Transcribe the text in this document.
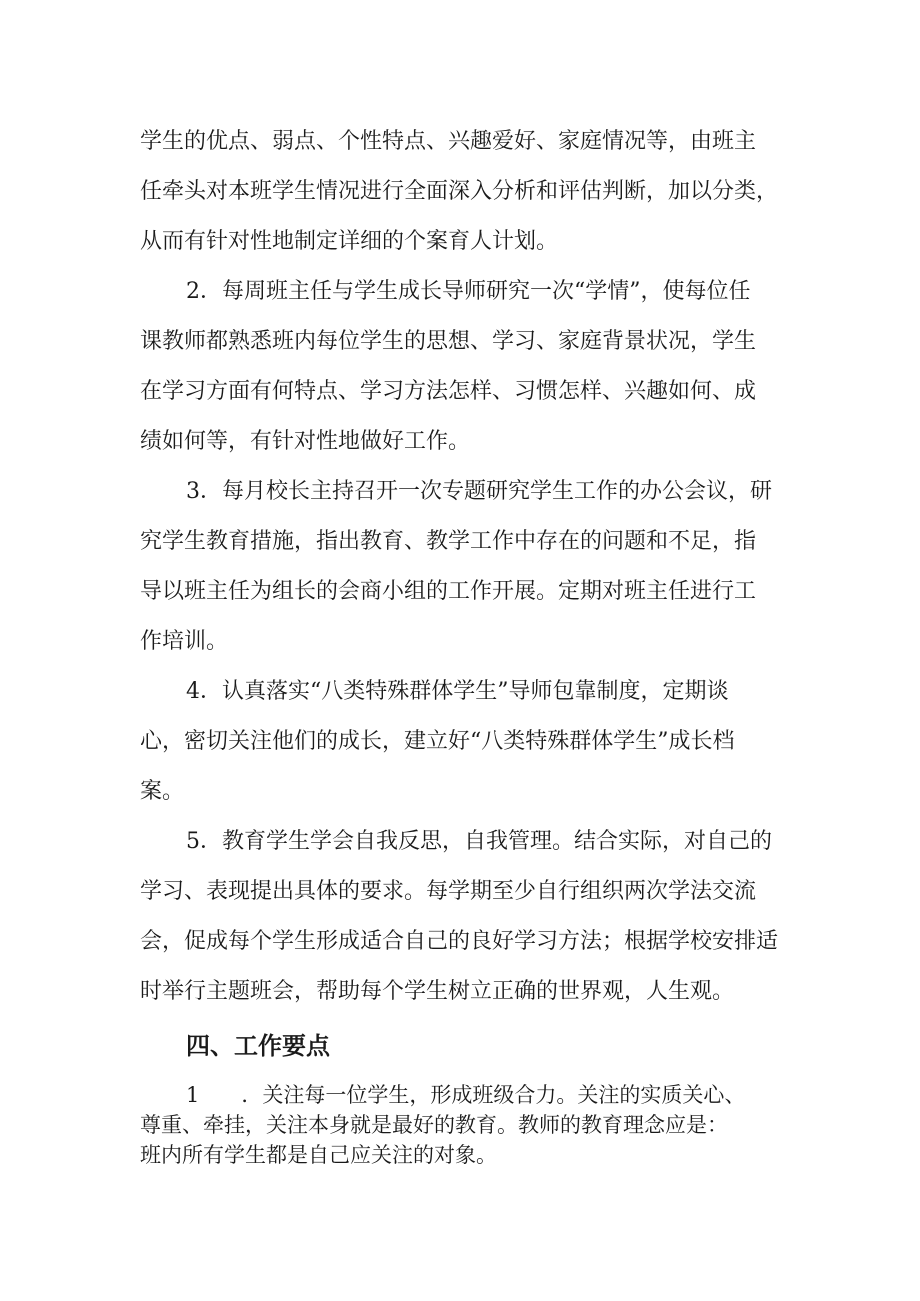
学生的优点、弱点、个性特点、兴趣爱好、家庭情况等，由班主
任牵头对本班学生情况进行全面深入分析和评估判断，加以分类，
从而有针对性地制定详细的个案育人计划。
2．每周班主任与学生成长导师研究一次“学情”，使每位任
课教师都熟悉班内每位学生的思想、学习、家庭背景状况，学生
在学习方面有何特点、学习方法怎样、习惯怎样、兴趣如何、成
绩如何等，有针对性地做好工作。
3．每月校长主持召开一次专题研究学生工作的办公会议，研
究学生教育措施，指出教育、教学工作中存在的问题和不足，指
导以班主任为组长的会商小组的工作开展。定期对班主任进行工
作培训。
4．认真落实“八类特殊群体学生”导师包靠制度，定期谈
心，密切关注他们的成长，建立好“八类特殊群体学生”成长档
案。
5．教育学生学会自我反思，自我管理。结合实际，对自己的
学习、表现提出具体的要求。每学期至少自行组织两次学法交流
会，促成每个学生形成适合自己的良好学习方法；根据学校安排适
时举行主题班会，帮助每个学生树立正确的世界观，人生观。
四、工作要点
1　　．关注每一位学生，形成班级合力。关注的实质关心、
尊重、牵挂，关注本身就是最好的教育。教师的教育理念应是：
班内所有学生都是自己应关注的对象。
